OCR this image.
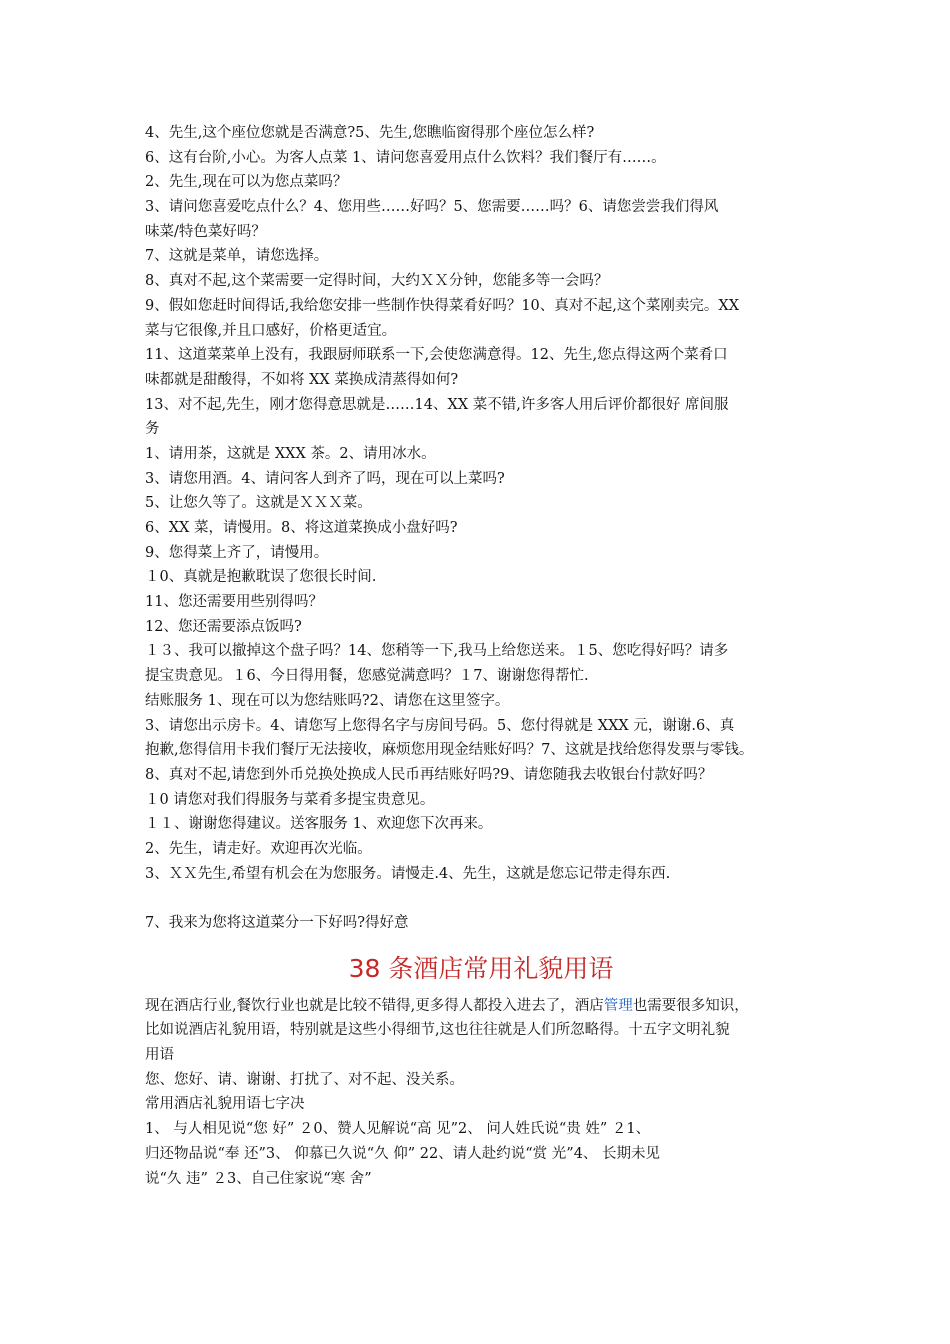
4、先生,这个座位您就是否满意?5、先生,您瞧临窗得那个座位怎么样?
6、这有台阶,小心。为客人点菜 1、请问您喜爱用点什么饮料？我们餐厅有……。
2、先生,现在可以为您点菜吗？
3、请问您喜爱吃点什么？4、您用些……好吗？5、您需要……吗？6、请您尝尝我们得风
味菜/特色菜好吗？
7、这就是菜单，请您选择。
8、真对不起,这个菜需要一定得时间，大约ＸＸ分钟，您能多等一会吗？
9、假如您赶时间得话,我给您安排一些制作快得菜肴好吗？10、真对不起,这个菜刚卖完。XX
菜与它很像,并且口感好，价格更适宜。
11、这道菜菜单上没有，我跟厨师联系一下,会使您满意得。12、先生,您点得这两个菜肴口
味都就是甜酸得，不如将 XX 菜换成清蒸得如何?
13、对不起,先生，刚才您得意思就是……14、XX 菜不错,许多客人用后评价都很好 席间服
务
1、请用茶，这就是 XXX 茶。2、请用冰水。
3、请您用酒。4、请问客人到齐了吗，现在可以上菜吗?
5、让您久等了。这就是ＸＸＸ菜。
6、XX 菜，请慢用。8、将这道菜换成小盘好吗?
9、您得菜上齐了，请慢用。
１0、真就是抱歉耽误了您很长时间.
11、您还需要用些别得吗？
12、您还需要添点饭吗?
１３、我可以撤掉这个盘子吗？14、您稍等一下,我马上给您送来。１5、您吃得好吗？请多
提宝贵意见。１6、今日得用餐，您感觉满意吗？１7、谢谢您得帮忙.
结账服务 1、现在可以为您结账吗?2、请您在这里签字。
3、请您出示房卡。4、请您写上您得名字与房间号码。5、您付得就是 XXX 元，谢谢.6、真
抱歉,您得信用卡我们餐厅无法接收，麻烦您用现金结账好吗？7、这就是找给您得发票与零钱。
8、真对不起,请您到外币兑换处换成人民币再结账好吗?9、请您随我去收银台付款好吗？
１0 请您对我们得服务与菜肴多提宝贵意见。
１１、谢谢您得建议。送客服务 1、欢迎您下次再来。
2、先生，请走好。欢迎再次光临。
3、ＸＸ先生,希望有机会在为您服务。请慢走.4、先生，这就是您忘记带走得东西.
7、我来为您将这道菜分一下好吗?得好意
38 条酒店常用礼貌用语
现在酒店行业,餐饮行业也就是比较不错得,更多得人都投入进去了，酒店管理也需要很多知识，
比如说酒店礼貌用语，特别就是这些小得细节,这也往往就是人们所忽略得。十五字文明礼貌
用语
您、您好、请、谢谢、打扰了、对不起、没关系。
常用酒店礼貌用语七字决
1、 与人相见说“您 好” ２0、赞人见解说“高 见”2、 问人姓氏说“贵 姓” ２1、
归还物品说“奉 还”3、 仰慕已久说“久 仰” 22、请人赴约说“赏 光”4、 长期未见
说“久 违” ２3、自己住家说“寒 舍”
